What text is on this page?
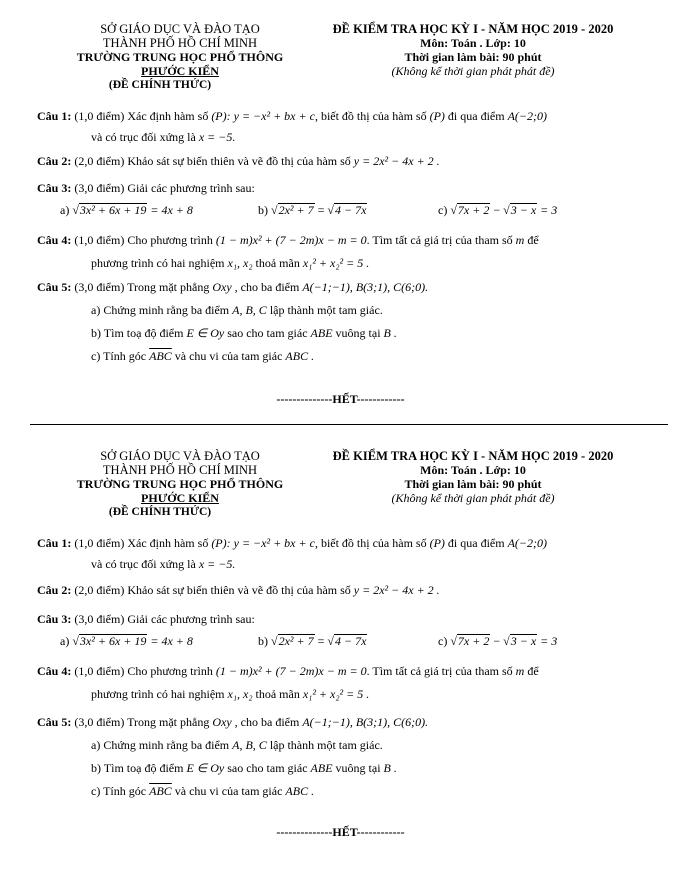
SỞ GIÁO DỤC VÀ ĐÀO TẠO
THÀNH PHỐ HỒ CHÍ MINH
TRƯỜNG TRUNG HỌC PHỔ THÔNG
PHƯỚC KIỂN
(ĐỀ CHÍNH THỨC)
ĐỀ KIỂM TRA HỌC KỲ I - NĂM HỌC 2019 - 2020
Môn: Toán . Lớp: 10
Thời gian làm bài: 90 phút
(Không kể thời gian phát phát đề)
Câu 1: (1,0 điểm) Xác định hàm số (P): y = −x² + bx + c, biết đồ thị của hàm số (P) đi qua điểm A(−2;0)
và có trục đối xứng là x = −5.
Câu 2: (2,0 điểm) Khảo sát sự biến thiên và vẽ đồ thị của hàm số y = 2x² − 4x + 2 .
Câu 3: (3,0 điểm) Giải các phương trình sau:
a) √3x² + 6x + 19 = 4x + 8	b) √2x² + 7 = √4 − 7x	c) √7x + 2 − √3 − x = 3
Câu 4: (1,0 điểm) Cho phương trình (1 − m)x² + (7 − 2m)x − m = 0. Tìm tất cả giá trị của tham số m để
phương trình có hai nghiệm x₁, x₂ thoả mãn x₁² + x₂² = 5 .
Câu 5: (3,0 điểm) Trong mặt phẳng Oxy , cho ba điểm A(−1;−1), B(3;1), C(6;0).
a) Chứng minh rằng ba điểm A, B, C lập thành một tam giác.
b) Tìm toạ độ điểm E ∈ Oy sao cho tam giác ABE vuông tại B .
c) Tính góc $\overline{ABC}$ và chu vi của tam giác ABC .
--------------HẾT------------
SỞ GIÁO DỤC VÀ ĐÀO TẠO
THÀNH PHỐ HỒ CHÍ MINH
TRƯỜNG TRUNG HỌC PHỔ THÔNG
PHƯỚC KIỂN
(ĐỀ CHÍNH THỨC)
ĐỀ KIỂM TRA HỌC KỲ I - NĂM HỌC 2019 - 2020
Môn: Toán . Lớp: 10
Thời gian làm bài: 90 phút
(Không kể thời gian phát phát đề)
Câu 1: (1,0 điểm) Xác định hàm số (P): y = −x² + bx + c, biết đồ thị của hàm số (P) đi qua điểm A(−2;0)
và có trục đối xứng là x = −5.
Câu 2: (2,0 điểm) Khảo sát sự biến thiên và vẽ đồ thị của hàm số y = 2x² − 4x + 2 .
Câu 3: (3,0 điểm) Giải các phương trình sau:
a) √3x² + 6x + 19 = 4x + 8	b) √2x² + 7 = √4 − 7x	c) √7x + 2 − √3 − x = 3
Câu 4: (1,0 điểm) Cho phương trình (1 − m)x² + (7 − 2m)x − m = 0. Tìm tất cả giá trị của tham số m để
phương trình có hai nghiệm x₁, x₂ thoả mãn x₁² + x₂² = 5 .
Câu 5: (3,0 điểm) Trong mặt phẳng Oxy , cho ba điểm A(−1;−1), B(3;1), C(6;0).
a) Chứng minh rằng ba điểm A, B, C lập thành một tam giác.
b) Tìm toạ độ điểm E ∈ Oy sao cho tam giác ABE vuông tại B .
c) Tính góc $\overline{ABC}$ và chu vi của tam giác ABC .
--------------HẾT------------
